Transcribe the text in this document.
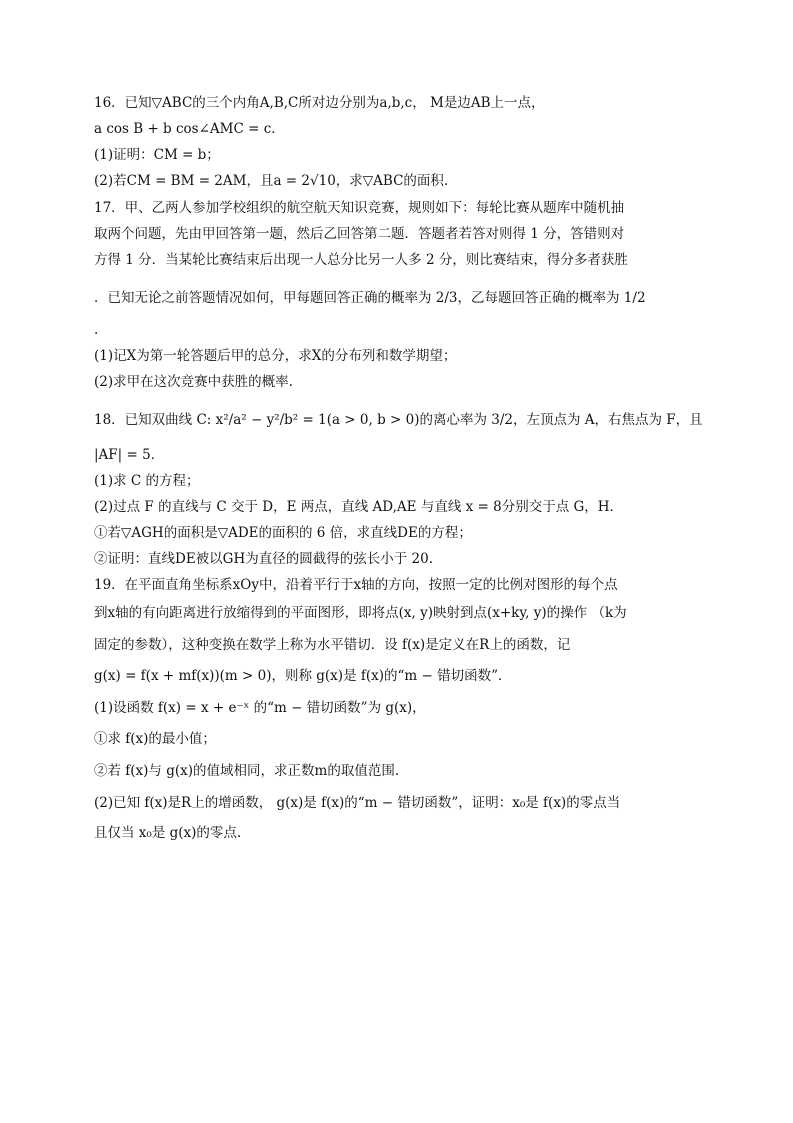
16．已知▽ABC的三个内角A,B,C所对边分别为a,b,c， M是边AB上一点，
a cos B + b cos∠AMC = c．
(1)证明：CM = b；
(2)若CM = BM = 2AM，且a = 2√10，求▽ABC的面积.
17．甲、乙两人参加学校组织的航空航天知识竞赛，规则如下：每轮比赛从题库中随机抽
取两个问题，先由甲回答第一题，然后乙回答第二题．答题者若答对则得 1 分，答错则对
方得 1 分．当某轮比赛结束后出现一人总分比另一人多 2 分，则比赛结束，得分多者获胜
．已知无论之前答题情况如何，甲每题回答正确的概率为 2/3，乙每题回答正确的概率为 1/2
.
(1)记X为第一轮答题后甲的总分，求X的分布列和数学期望；
(2)求甲在这次竞赛中获胜的概率.
18．已知双曲线 C: x²/a² − y²/b² = 1(a > 0, b > 0)的离心率为 3/2，左顶点为 A，右焦点为 F，且
|AF| = 5．
(1)求 C 的方程；
(2)过点 F 的直线与 C 交于 D，E 两点，直线 AD,AE 与直线 x = 8分别交于点 G，H．
①若▽AGH的面积是▽ADE的面积的 6 倍，求直线DE的方程；
②证明：直线DE被以GH为直径的圆截得的弦长小于 20.
19．在平面直角坐标系xOy中，沿着平行于x轴的方向，按照一定的比例对图形的每个点
到x轴的有向距离进行放缩得到的平面图形，即将点(x, y)映射到点(x+ky, y)的操作 （k为
固定的参数），这种变换在数学上称为水平错切．设 f(x)是定义在R上的函数，记
g(x) = f(x + mf(x))(m > 0)，则称 g(x)是 f(x)的“m − 错切函数”．
(1)设函数 f(x) = x + e⁻ˣ 的“m − 错切函数”为 g(x)，
①求 f(x)的最小值；
②若 f(x)与 g(x)的值域相同，求正数m的取值范围.
(2)已知 f(x)是R上的增函数， g(x)是 f(x)的“m − 错切函数”，证明：x₀是 f(x)的零点当
且仅当 x₀是 g(x)的零点.
